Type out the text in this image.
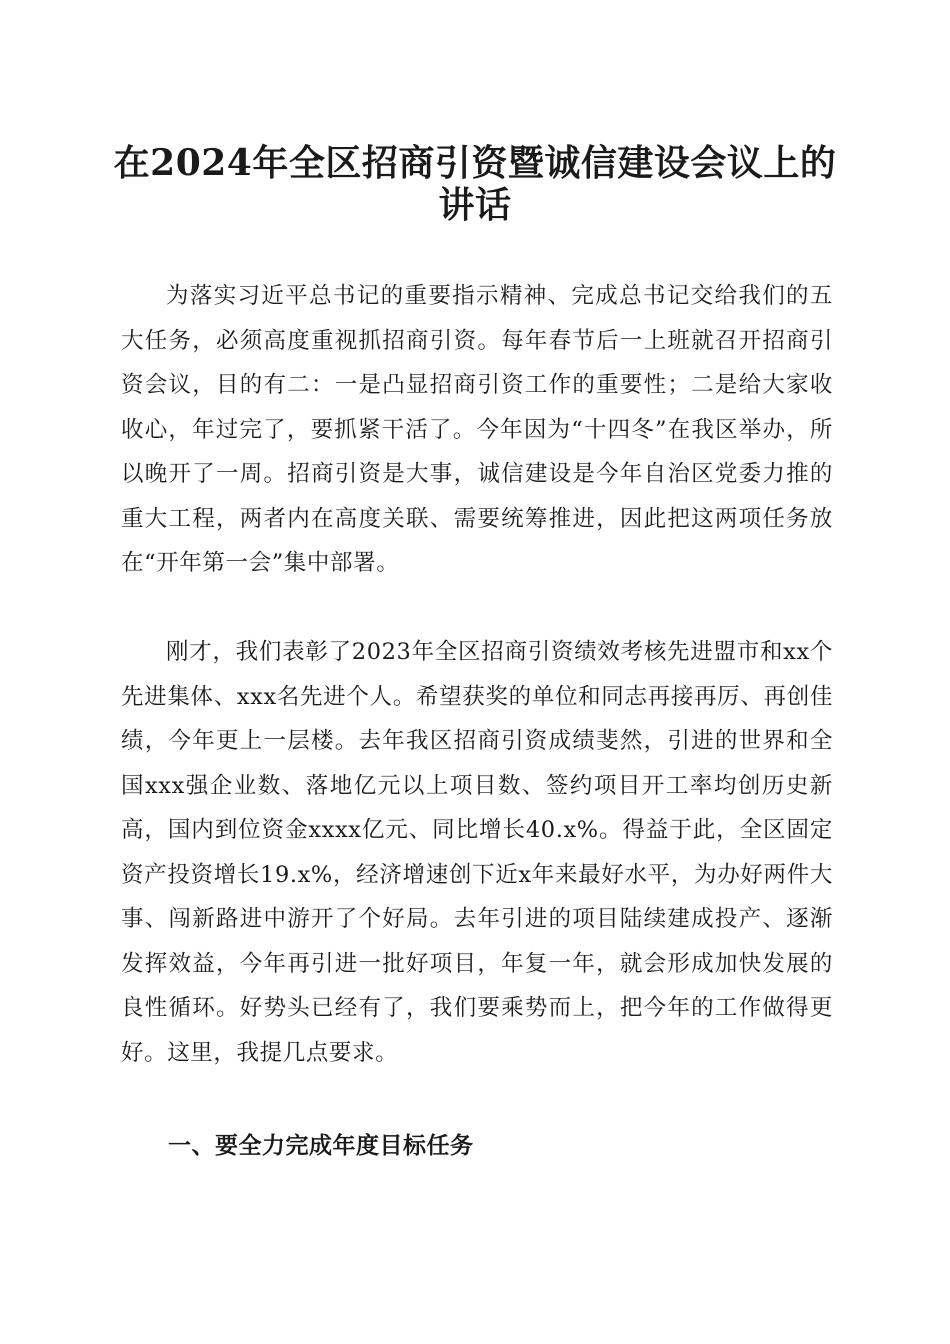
在2024年全区招商引资暨诚信建设会议上的
讲话

为落实习近平总书记的重要指示精神、完成总书记交给我们的五大任务，必须高度重视抓招商引资。每年春节后一上班就召开招商引资会议，目的有二：一是凸显招商引资工作的重要性；二是给大家收收心，年过完了，要抓紧干活了。今年因为“十四冬”在我区举办，所以晚开了一周。招商引资是大事，诚信建设是今年自治区党委力推的重大工程，两者内在高度关联、需要统筹推进，因此把这两项任务放在“开年第一会”集中部署。

刚才，我们表彰了2023年全区招商引资绩效考核先进盟市和xx个先进集体、xxx名先进个人。希望获奖的单位和同志再接再厉、再创佳绩，今年更上一层楼。去年我区招商引资成绩斐然，引进的世界和全国xxx强企业数、落地亿元以上项目数、签约项目开工率均创历史新高，国内到位资金xxxx亿元、同比增长40.x%。得益于此，全区固定资产投资增长19.x%，经济增速创下近x年来最好水平，为办好两件大事、闯新路进中游开了个好局。去年引进的项目陆续建成投产、逐渐发挥效益，今年再引进一批好项目，年复一年，就会形成加快发展的良性循环。好势头已经有了，我们要乘势而上，把今年的工作做得更好。这里，我提几点要求。

一、要全力完成年度目标任务
